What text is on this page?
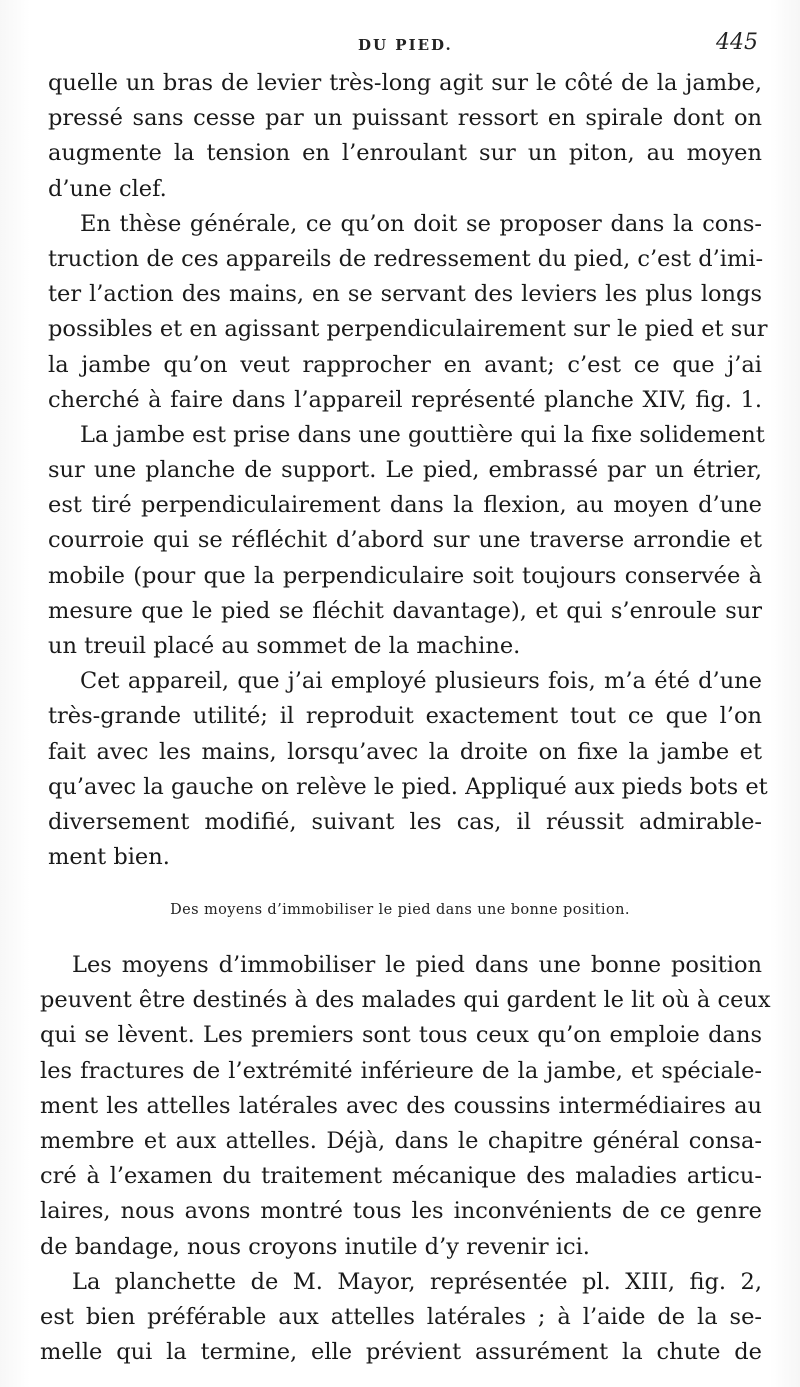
DU PIED.	445
quelle un bras de levier très-long agit sur le côté de la jambe,
pressé sans cesse par un puissant ressort en spirale dont on
augmente la tension en l’enroulant sur un piton, au moyen
d’une clef.
En thèse générale, ce qu’on doit se proposer dans la cons-
truction de ces appareils de redressement du pied, c’est d’imi-
ter l’action des mains, en se servant des leviers les plus longs
possibles et en agissant perpendiculairement sur le pied et sur
la jambe qu’on veut rapprocher en avant; c’est ce que j’ai
cherché à faire dans l’appareil représenté planche XIV, fig. 1.
La jambe est prise dans une gouttière qui la fixe solidement
sur une planche de support. Le pied, embrassé par un étrier,
est tiré perpendiculairement dans la flexion, au moyen d’une
courroie qui se réfléchit d’abord sur une traverse arrondie et
mobile (pour que la perpendiculaire soit toujours conservée à
mesure que le pied se fléchit davantage), et qui s’enroule sur
un treuil placé au sommet de la machine.
Cet appareil, que j’ai employé plusieurs fois, m’a été d’une
très-grande utilité; il reproduit exactement tout ce que l’on
fait avec les mains, lorsqu’avec la droite on fixe la jambe et
qu’avec la gauche on relève le pied. Appliqué aux pieds bots et
diversement modifié, suivant les cas, il réussit admirable-
ment bien.
Des moyens d’immobiliser le pied dans une bonne position.
Les moyens d’immobiliser le pied dans une bonne position
peuvent être destinés à des malades qui gardent le lit où à ceux
qui se lèvent. Les premiers sont tous ceux qu’on emploie dans
les fractures de l’extrémité inférieure de la jambe, et spéciale-
ment les attelles latérales avec des coussins intermédiaires au
membre et aux attelles. Déjà, dans le chapitre général consa-
cré à l’examen du traitement mécanique des maladies articu-
laires, nous avons montré tous les inconvénients de ce genre
de bandage, nous croyons inutile d’y revenir ici.
La planchette de M. Mayor, représentée pl. XIII, fig. 2,
est bien préférable aux attelles latérales ; à l’aide de la se-
melle qui la termine, elle prévient assurément la chute de
